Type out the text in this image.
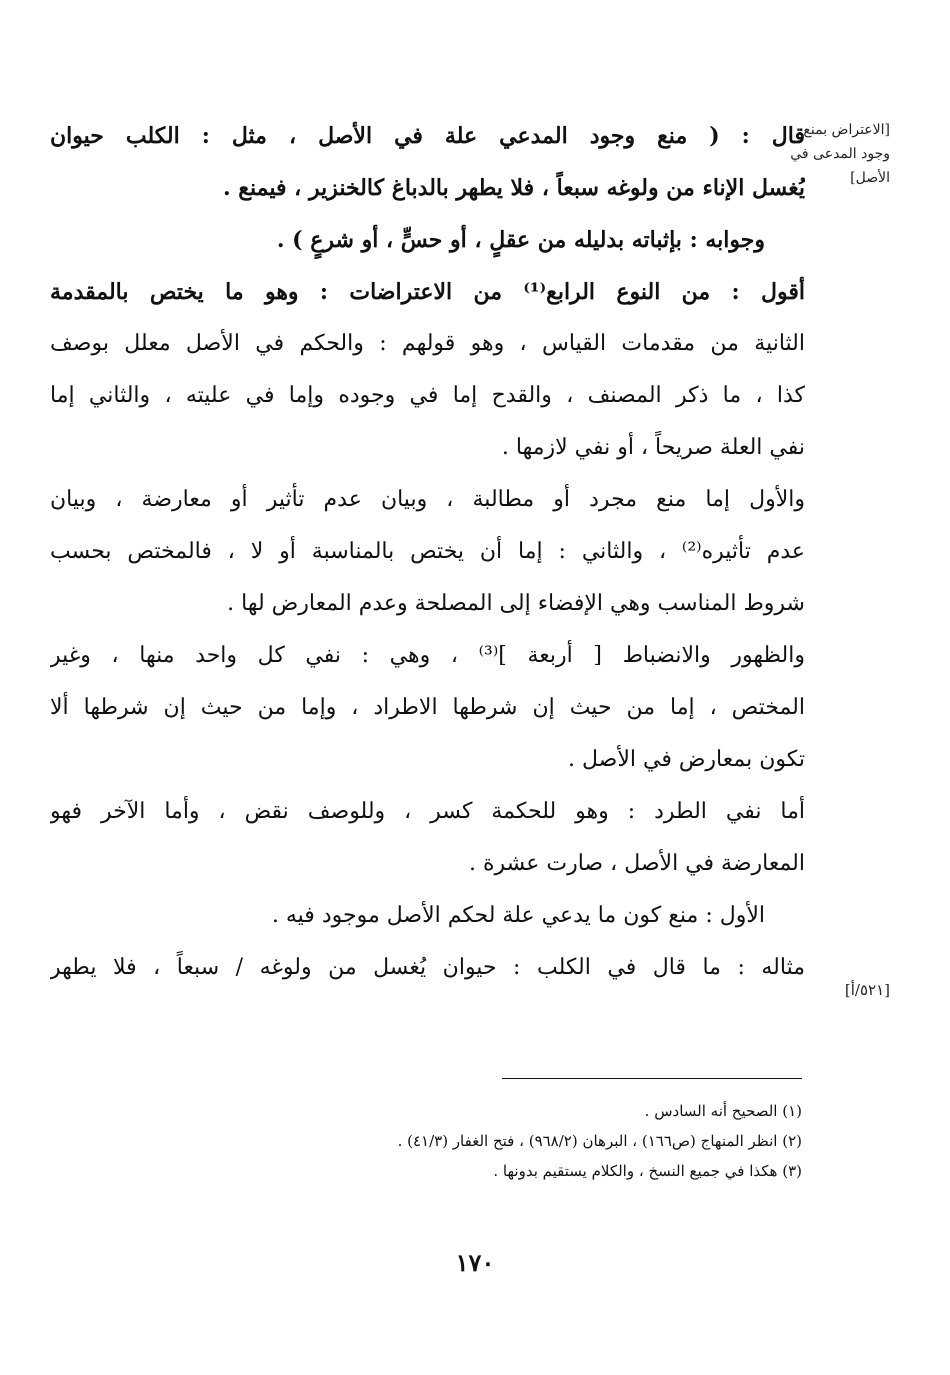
[الاعتراض بمنع وجود المدعى في الأصل]
[٥٢١/أ]
قال : ( منع وجود المدعي علة في الأصل ، مثل : الكلب حيوان
يُغسل الإناء من ولوغه سبعاً ، فلا يطهر بالدباغ كالخنزير ، فيمنع .
وجوابه : بإثباته بدليله من عقلٍ ، أو حسٍّ ، أو شرعٍ ) .
أقول : من النوع الرابع⁽¹⁾ من الاعتراضات : وهو ما يختص بالمقدمة
الثانية من مقدمات القياس ، وهو قولهم : والحكم في الأصل معلل بوصف
كذا ، ما ذكر المصنف ، والقدح إما في وجوده وإما في عليته ، والثاني إما
نفي العلة صريحاً ، أو نفي لازمها .
والأول إما منع مجرد أو مطالبة ، وبيان عدم تأثير أو معارضة ، وبيان
عدم تأثيره⁽²⁾ ، والثاني : إما أن يختص بالمناسبة أو لا ، فالمختص بحسب
شروط المناسب وهي الإفضاء إلى المصلحة وعدم المعارض لها .
والظهور والانضباط [ أربعة ]⁽³⁾ ، وهي : نفي كل واحد منها ، وغير
المختص ، إما من حيث إن شرطها الاطراد ، وإما من حيث إن شرطها ألا
تكون بمعارض في الأصل .
أما نفي الطرد : وهو للحكمة كسر ، وللوصف نقض ، وأما الآخر فهو
المعارضة في الأصل ، صارت عشرة .
الأول : منع كون ما يدعي علة لحكم الأصل موجود فيه .
مثاله : ما قال في الكلب : حيوان يُغسل من ولوغه / سبعاً ، فلا يطهر
(١) الصحيح أنه السادس .
(٢) انظر المنهاج (ص١٦٦) ، البرهان (٩٦٨/٢) ، فتح الغفار (٤١/٣) .
(٣) هكذا في جميع النسخ ، والكلام يستقيم بدونها .
١٧٠
